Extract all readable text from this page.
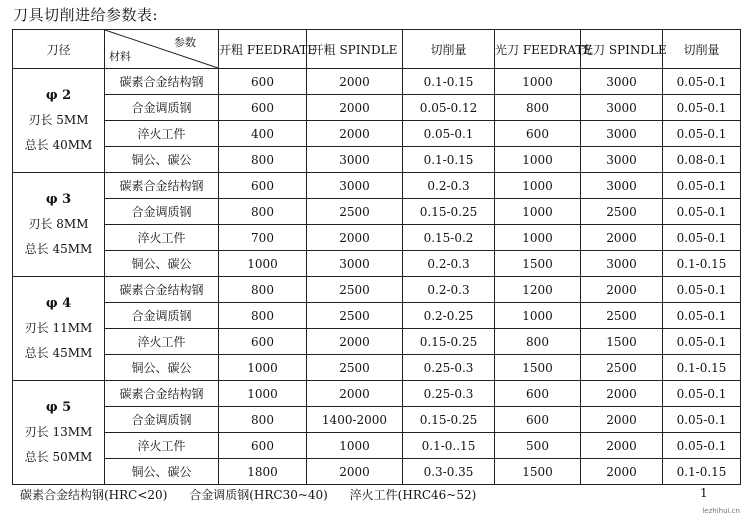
刀具切削进给参数表:
刀径	参数
材料	开粗 FEEDRATE	开粗 SPINDLE	切削量	光刀 FEEDRATE	光刀 SPINDLE	切削量

φ 2
刃长 5MM
总长 40MM	碳素合金结构钢	600	2000	0.1-0.15	1000	3000	0.05-0.1
	合金调质钢	600	2000	0.05-0.12	800	3000	0.05-0.1
	淬火工件	400	2000	0.05-0.1	600	3000	0.05-0.1
	铜公、碳公	800	3000	0.1-0.15	1000	3000	0.08-0.1

φ 3
刃长 8MM
总长 45MM	碳素合金结构钢	600	3000	0.2-0.3	1000	3000	0.05-0.1
	合金调质钢	800	2500	0.15-0.25	1000	2500	0.05-0.1
	淬火工件	700	2000	0.15-0.2	1000	2000	0.05-0.1
	铜公、碳公	1000	3000	0.2-0.3	1500	3000	0.1-0.15

φ 4
刃长 11MM
总长 45MM	碳素合金结构钢	800	2500	0.2-0.3	1200	2000	0.05-0.1
	合金调质钢	800	2500	0.2-0.25	1000	2500	0.05-0.1
	淬火工件	600	2000	0.15-0.25	800	1500	0.05-0.1
	铜公、碳公	1000	2500	0.25-0.3	1500	2500	0.1-0.15

φ 5
刃长 13MM
总长 50MM	碳素合金结构钢	1000	2000	0.25-0.3	600	2000	0.05-0.1
	合金调质钢	800	1400-2000	0.15-0.25	600	2000	0.05-0.1
	淬火工件	600	1000	0.1-0..15	500	2000	0.05-0.1
	铜公、碳公	1800	2000	0.3-0.35	1500	2000	0.1-0.15
碳素合金结构钢(HRC<20) 合金调质钢(HRC30~40) 淬火工件(HRC46~52)	1
lezhihui.cn
